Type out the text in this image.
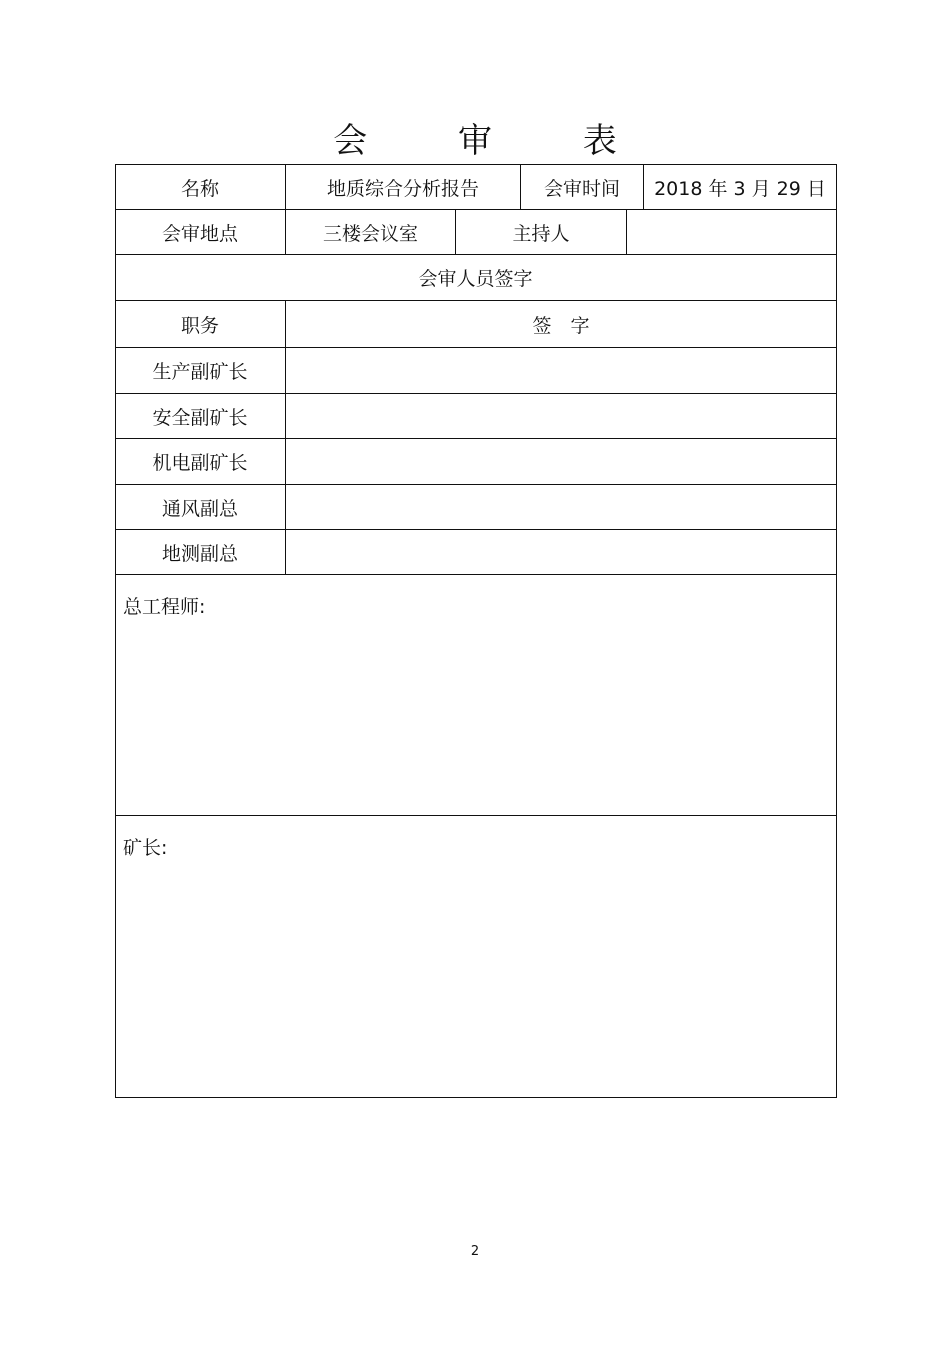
会 审 表
名称	地质综合分析报告	会审时间	2018 年 3 月 29 日
会审地点	三楼会议室	主持人
会审人员签字
职务	签　字
生产副矿长
安全副矿长
机电副矿长
通风副总
地测副总
总工程师:
矿长:
2
